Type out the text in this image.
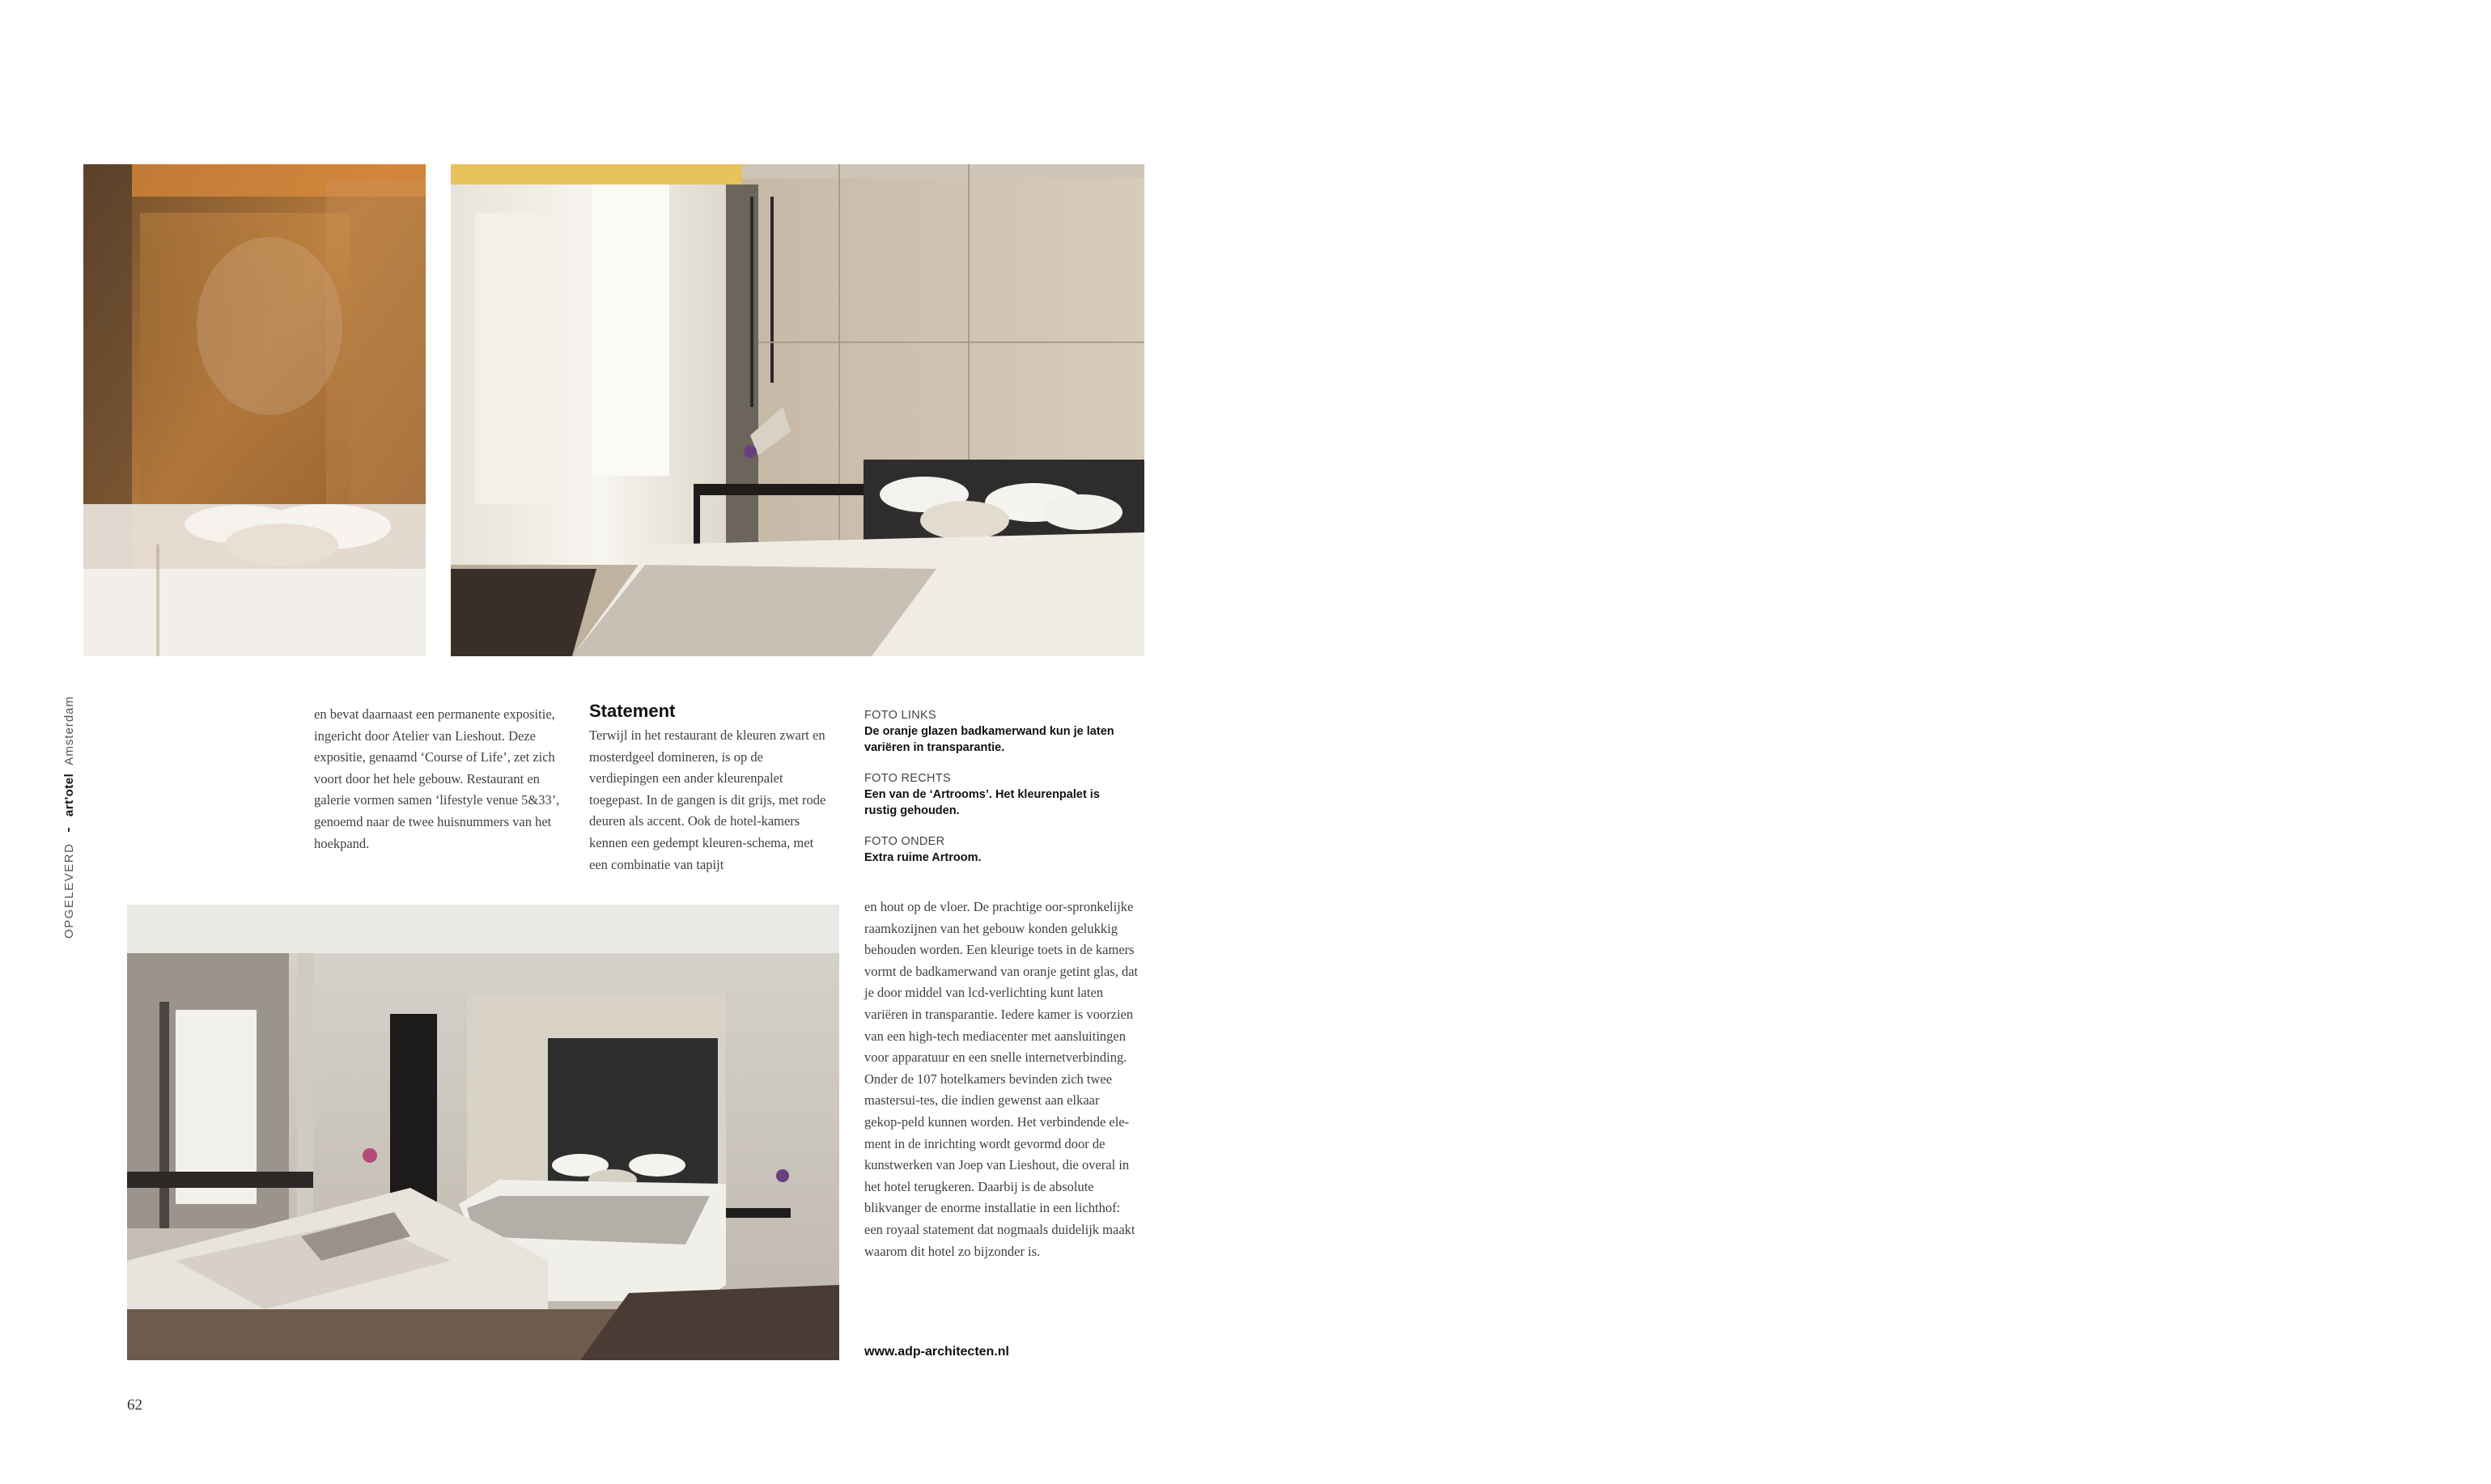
OPGELEVERD
art'otel
Amsterdam	en bevat daarnaast een permanente expositie, ingericht door Atelier van Lieshout. Deze expositie, genaamd ‘Course of Life’, zet zich voort door het hele gebouw. Restaurant en galerie vormen samen ‘lifestyle venue 5&33’, genoemd naar de twee huisnummers van het hoekpand.

Statement

Terwijl in het restaurant de kleuren zwart en mosterdgeel domineren, is op de verdiepingen een ander kleurenpalet toegepast. In de gangen is dit grijs, met rode deuren als accent. Ook de hotel-kamers kennen een gedempt kleuren-schema, met een combinatie van tapijt

FOTO LINKS
De oranje glazen badkamerwand kun je laten variëren in transparantie.
FOTO RECHTS
Een van de ‘Artrooms’. Het kleurenpalet is rustig gehouden.
FOTO ONDER
Extra ruime Artroom.

en hout op de vloer. De prachtige oor-spronkelijke raamkozijnen van het gebouw konden gelukkig behouden worden. Een kleurige toets in de kamers vormt de badkamerwand van oranje getint glas, dat je door middel van lcd-verlichting kunt laten variëren in transparantie. Iedere kamer is voorzien van een high-tech mediacenter met aansluitingen voor apparatuur en een snelle internetverbinding. Onder de 107 hotelkamers bevinden zich twee mastersui-tes, die indien gewenst aan elkaar gekop-peld kunnen worden. Het verbindende ele-ment in de inrichting wordt gevormd door de kunstwerken van Joep van Lieshout, die overal in het hotel terugkeren. Daarbij is de absolute blikvanger de enorme installatie in een lichthof: een royaal statement dat nogmaals duidelijk maakt waarom dit hotel zo bijzonder is.

www.adp-architecten.nl
62
